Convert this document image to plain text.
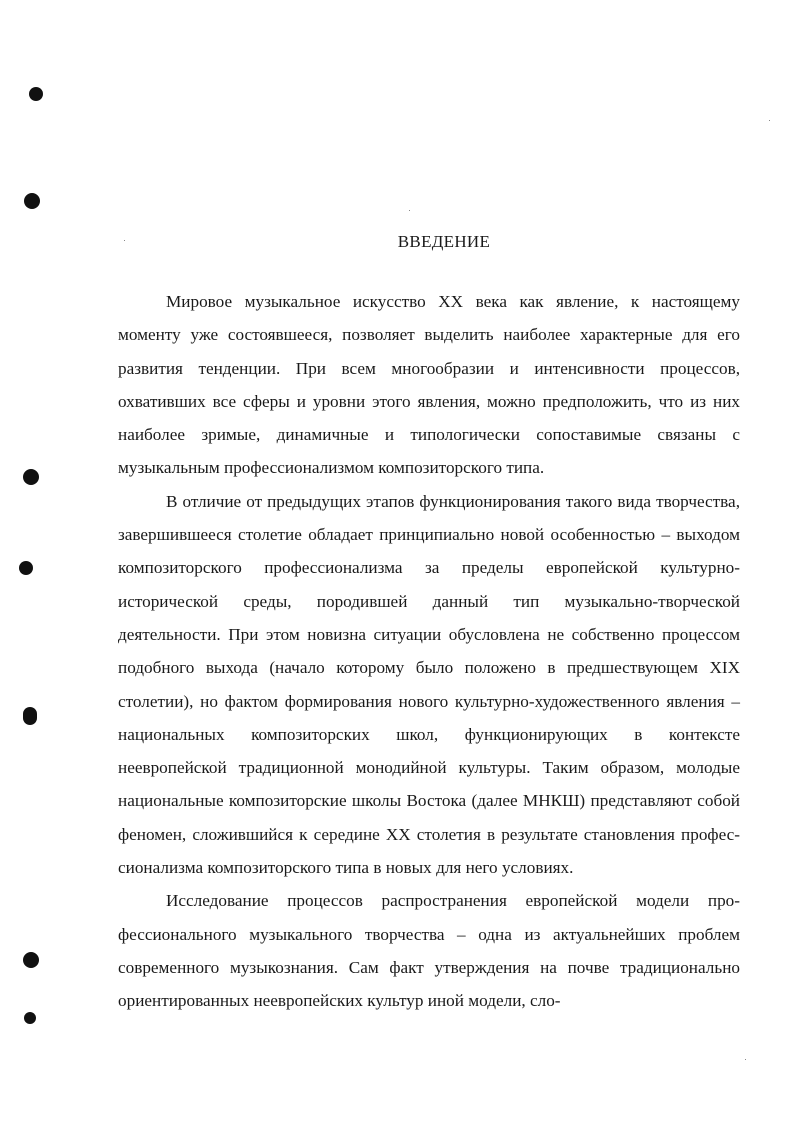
ВВЕДЕНИЕ

Мировое музыкальное искусство XX века как явление, к настоящему моменту уже состоявшееся, позволяет выделить наиболее характерные для его развития тенденции. При всем многообразии и интенсивности процессов, охвативших все сферы и уровни этого явления, можно предположить, что из них наиболее зримые, динамичные и типологически сопоставимые связаны с музыкальным профессионализмом композиторского типа.

В отличие от предыдущих этапов функционирования такого вида творчества, завершившееся столетие обладает принципиально новой особенностью – выходом композиторского профессионализма за пределы европейской культурно-исторической среды, породившей данный тип музыкально-творческой деятельности. При этом новизна ситуации обусловлена не собственно процессом подобного выхода (начало которому было положено в предшествующем XIX столетии), но фактом формирования нового культурно-художественного явления – национальных композиторских школ, функционирующих в контексте неевропейской традиционной монодийной культуры. Таким образом, молодые национальные композиторские школы Востока (далее МНКШ) представляют собой феномен, сложившийся к середине XX столетия в результате становления профессионализма композиторского типа в новых для него условиях.

Исследование процессов распространения европейской модели профессионального музыкального творчества – одна из актуальнейших проблем современного музыкознания. Сам факт утверждения на почве традиционально ориентированных неевропейских культур иной модели, сло-
